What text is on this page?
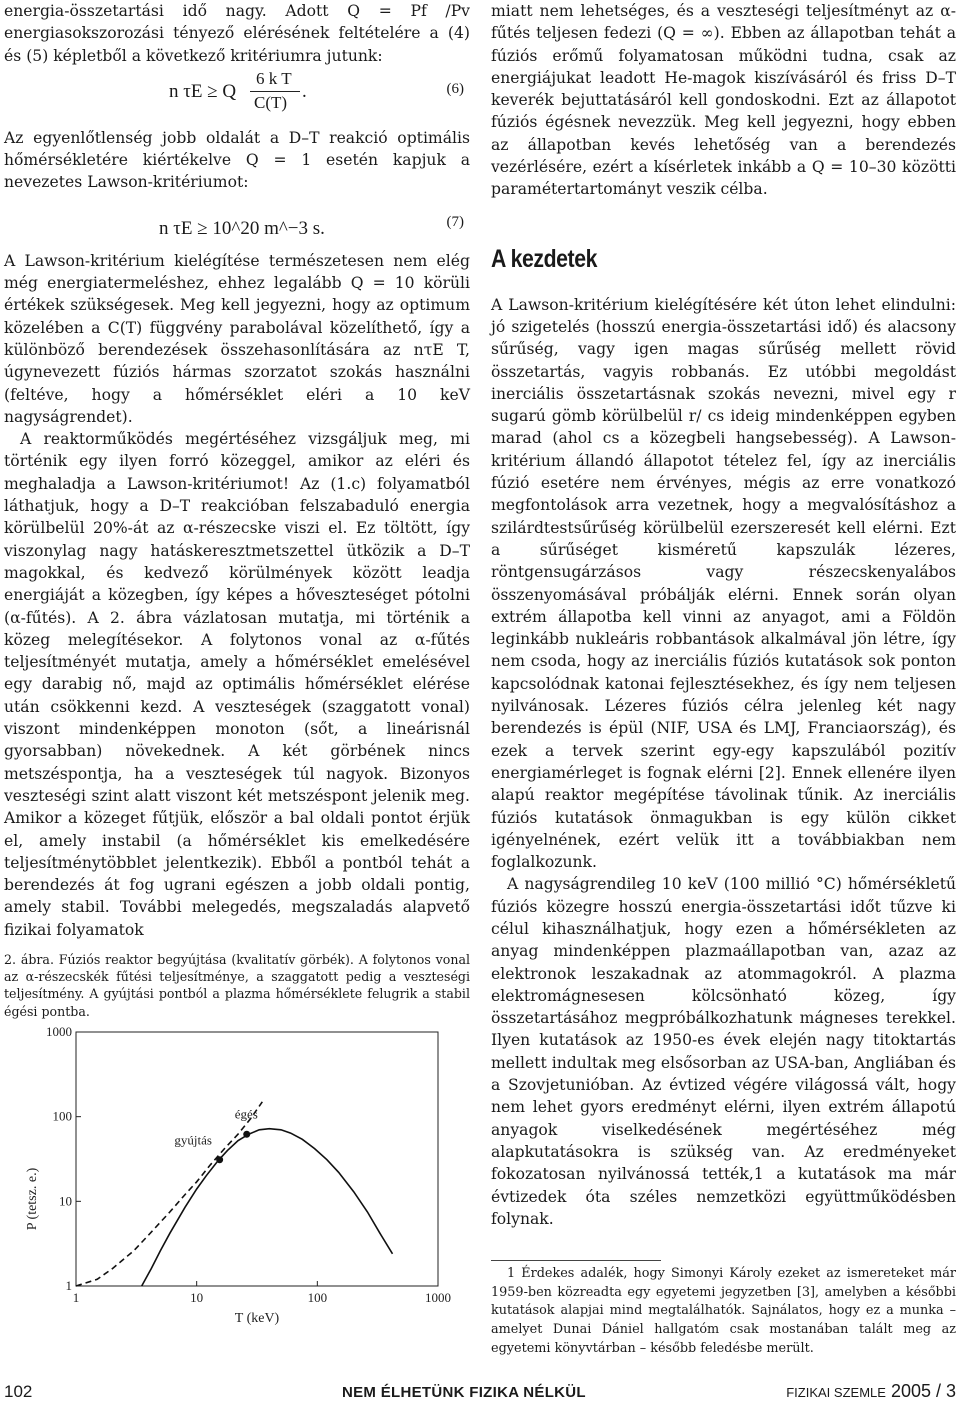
energia-összetartási idő nagy. Adott Q = Pf /Pv energiasokszorozási tényező elérésének feltételére a (4) és (5) képletből a következő kritériumra jutunk:

n τE ≥ Q
6 k T
C(T)
.	(6)

Az egyenlőtlenség jobb oldalát a D–T reakció optimális hőmérsékletére kiértékelve Q = 1 esetén kapjuk a nevezetes Lawson-kritériumot:

n τE ≥ 10^20 m^−3 s.	(7)

A Lawson-kritérium kielégítése természetesen nem elég még energiatermeléshez, ehhez legalább Q = 10 körüli értékek szükségesek. Meg kell jegyezni, hogy az optimum közelében a C(T) függvény parabolával közelíthető, így a különböző berendezések összehasonlítására az nτE T, úgynevezett fúziós hármas szorzatot szokás használni (feltéve, hogy a hőmérséklet eléri a 10 keV nagyságrendet).

A reaktorműködés megértéséhez vizsgáljuk meg, mi történik egy ilyen forró közeggel, amikor az eléri és meghaladja a Lawson-kritériumot! Az (1.c) folyamatból láthatjuk, hogy a D–T reakcióban felszabaduló energia körülbelül 20%-át az α-részecske viszi el. Ez töltött, így viszonylag nagy hatáskeresztmetszettel ütközik a D–T magokkal, és kedvező körülmények között leadja energiáját a közegben, így képes a hőveszteséget pótolni (α-fűtés). A 2. ábra vázlatosan mutatja, mi történik a közeg melegítésekor. A folytonos vonal az α-fűtés teljesítményét mutatja, amely a hőmérséklet emelésével egy darabig nő, majd az optimális hőmérséklet elérése után csökkenni kezd. A veszteségek (szaggatott vonal) viszont mindenképpen monoton (sőt, a lineárisnál gyorsabban) növekednek. A két görbének nincs metszéspontja, ha a veszteségek túl nagyok. Bizonyos veszteségi szint alatt viszont két metszéspont jelenik meg. Amikor a közeget fűtjük, először a bal oldali pontot érjük el, amely instabil (a hőmérséklet kis emelkedésére teljesítménytöbblet jelentkezik). Ebből a pontból tehát a berendezés át fog ugrani egészen a jobb oldali pontig, amely stabil. További melegedés, megszaladás alapvető fizikai folyamatok

2. ábra. Fúziós reaktor begyújtása (kvalitatív görbék). A folytonos vonal az α-részecskék fűtési teljesítménye, a szaggatott pedig a veszteségi teljesítmény. A gyújtási pontból a plazma hőmérséklete felugrik a stabil égési pontba.

1	10	100	1000
1
10
100
1000
T (keV)
P (tetsz. e.)
gyújtás
égés

miatt nem lehetséges, és a veszteségi teljesítményt az α-fűtés teljesen fedezi (Q = ∞). Ebben az állapotban tehát a fúziós erőmű folyamatosan működni tudna, csak az energiájukat leadott He-magok kiszívásáról és friss D–T keverék bejuttatásáról kell gondoskodni. Ezt az állapotot fúziós égésnek nevezzük. Meg kell jegyezni, hogy ebben az állapotban kevés lehetőség van a berendezés vezérlésére, ezért a kísérletek inkább a Q = 10–30 közötti paramétertartományt veszik célba.

A kezdetek

A Lawson-kritérium kielégítésére két úton lehet elindulni: jó szigetelés (hosszú energia-összetartási idő) és alacsony sűrűség, vagy igen magas sűrűség mellett rövid összetartás, vagyis robbanás. Ez utóbbi megoldást inerciális összetartásnak szokás nevezni, mivel egy r sugarú gömb körülbelül r/ cs ideig mindenképpen egyben marad (ahol cs a közegbeli hangsebesség). A Lawson-kritérium állandó állapotot tételez fel, így az inerciális fúzió esetére nem érvényes, mégis az erre vonatkozó megfontolások arra vezetnek, hogy a megvalósításhoz a szilárdtestsűrűség körülbelül ezerszeresét kell elérni. Ezt a sűrűséget kisméretű kapszulák lézeres, röntgensugárzásos vagy részecskenyalábos összenyomásával próbálják elérni. Ennek során olyan extrém állapotba kell vinni az anyagot, ami a Földön leginkább nukleáris robbantások alkalmával jön létre, így nem csoda, hogy az inerciális fúziós kutatások sok ponton kapcsolódnak katonai fejlesztésekhez, és így nem teljesen nyilvánosak. Lézeres fúziós célra jelenleg két nagy berendezés is épül (NIF, USA és LMJ, Franciaország), és ezek a tervek szerint egy-egy kapszulából pozitív energiamérleget is fognak elérni [2]. Ennek ellenére ilyen alapú reaktor megépítése távolinak tűnik. Az inerciális fúziós kutatások önmagukban is egy külön cikket igényelnének, ezért velük itt a továbbiakban nem foglalkozunk.

A nagyságrendileg 10 keV (100 millió °C) hőmérsékletű fúziós közegre hosszú energia-összetartási időt tűzve ki célul kihasználhatjuk, hogy ezen a hőmérsékleten az anyag mindenképpen plazmaállapotban van, azaz az elektronok leszakadnak az atommagokról. A plazma elektromágnesesen kölcsönható közeg, így összetartásához megpróbálkozhatunk mágneses terekkel. Ilyen kutatások az 1950-es évek elején nagy titoktartás mellett indultak meg elsősorban az USA-ban, Angliában és a Szovjetunióban. Az évtized végére világossá vált, hogy nem lehet gyors eredményt elérni, ilyen extrém állapotú anyagok viselkedésének megértéséhez még alapkutatásokra is szükség van. Az eredményeket fokozatosan nyilvánossá tették,1 a kutatások ma már évtizedek óta széles nemzetközi együttműködésben folynak.

1 Érdekes adalék, hogy Simonyi Károly ezeket az ismereteket már 1959-ben közreadta egy egyetemi jegyzetben [3], amelyben a későbbi kutatások alapjai mind megtalálhatók. Sajnálatos, hogy ez a munka – amelyet Dunai Dániel hallgatóm csak mostanában talált meg az egyetemi könyvtárban – később feledésbe merült.

102	NEM ÉLHETÜNK FIZIKA NÉLKÜL	FIZIKAI SZEMLE 2005 / 3
